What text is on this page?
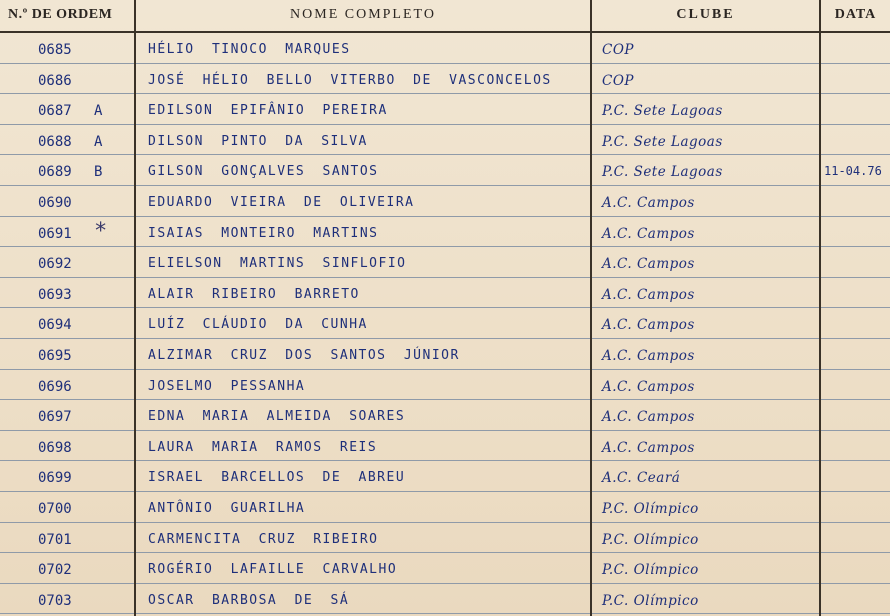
N.º DE ORDEM	NOME COMPLETO	CLUBE	DATA
0685	HÉLIO TINOCO MARQUES	COP
0686	JOSÉ HÉLIO BELLO VITERBO DE VASCONCELOS	COP
0687 A	EDILSON EPIFÂNIO PEREIRA	P.C. Sete Lagoas
0688 A	DILSON PINTO DA SILVA	P.C. Sete Lagoas
0689 B	GILSON GONÇALVES SANTOS	P.C. Sete Lagoas	11-04.76
0690	EDUARDO VIEIRA DE OLIVEIRA	A.C. Campos
0691 *	ISAIAS MONTEIRO MARTINS	A.C. Campos
0692	ELIELSON MARTINS SINFLOFIO	A.C. Campos
0693	ALAIR RIBEIRO BARRETO	A.C. Campos
0694	LUÍZ CLÁUDIO DA CUNHA	A.C. Campos
0695	ALZIMAR CRUZ DOS SANTOS JÚNIOR	A.C. Campos
0696	JOSELMO PESSANHA	A.C. Campos
0697	EDNA MARIA ALMEIDA SOARES	A.C. Campos
0698	LAURA MARIA RAMOS REIS	A.C. Campos
0699	ISRAEL BARCELLOS DE ABREU	A.C. Ceará
0700	ANTÔNIO GUARILHA	P.C. Olímpico
0701	CARMENCITA CRUZ RIBEIRO	P.C. Olímpico
0702	ROGÉRIO LAFAILLE CARVALHO	P.C. Olímpico
0703	OSCAR BARBOSA DE SÁ	P.C. Olímpico
